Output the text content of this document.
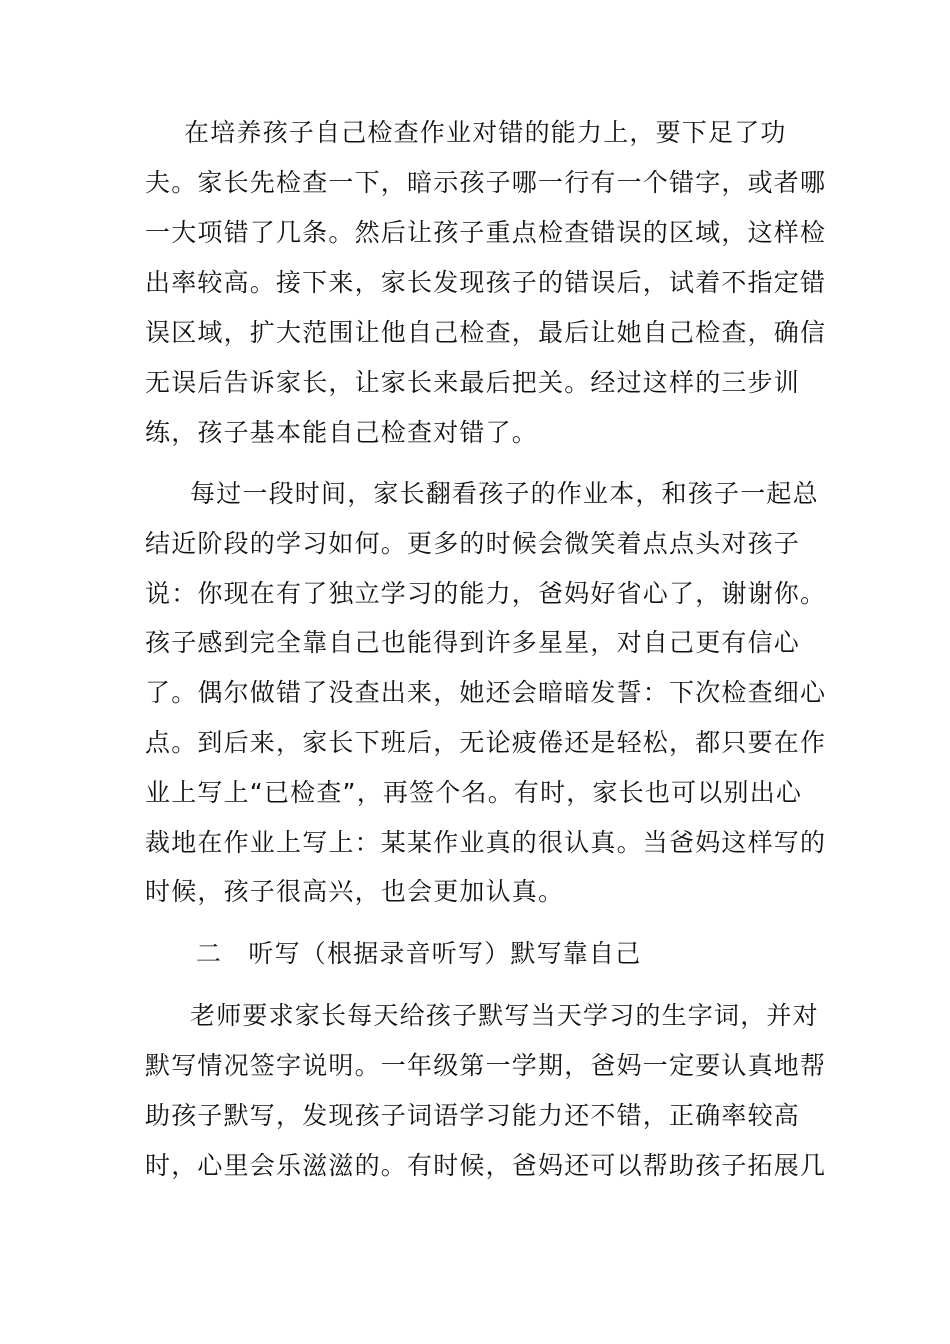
在培养孩子自己检查作业对错的能力上，要下足了功
夫。家长先检查一下，暗示孩子哪一行有一个错字，或者哪
一大项错了几条。然后让孩子重点检查错误的区域，这样检
出率较高。接下来，家长发现孩子的错误后，试着不指定错
误区域，扩大范围让他自己检查，最后让她自己检查，确信
无误后告诉家长，让家长来最后把关。经过这样的三步训
练，孩子基本能自己检查对错了。
每过一段时间，家长翻看孩子的作业本，和孩子一起总
结近阶段的学习如何。更多的时候会微笑着点点头对孩子
说：你现在有了独立学习的能力，爸妈好省心了，谢谢你。
孩子感到完全靠自己也能得到许多星星，对自己更有信心
了。偶尔做错了没查出来，她还会暗暗发誓：下次检查细心
点。到后来，家长下班后，无论疲倦还是轻松，都只要在作
业上写上“已检查”，再签个名。有时，家长也可以别出心
裁地在作业上写上：某某作业真的很认真。当爸妈这样写的
时候，孩子很高兴，也会更加认真。
二　听写（根据录音听写）默写靠自己
老师要求家长每天给孩子默写当天学习的生字词，并对
默写情况签字说明。一年级第一学期，爸妈一定要认真地帮
助孩子默写，发现孩子词语学习能力还不错，正确率较高
时，心里会乐滋滋的。有时候，爸妈还可以帮助孩子拓展几
